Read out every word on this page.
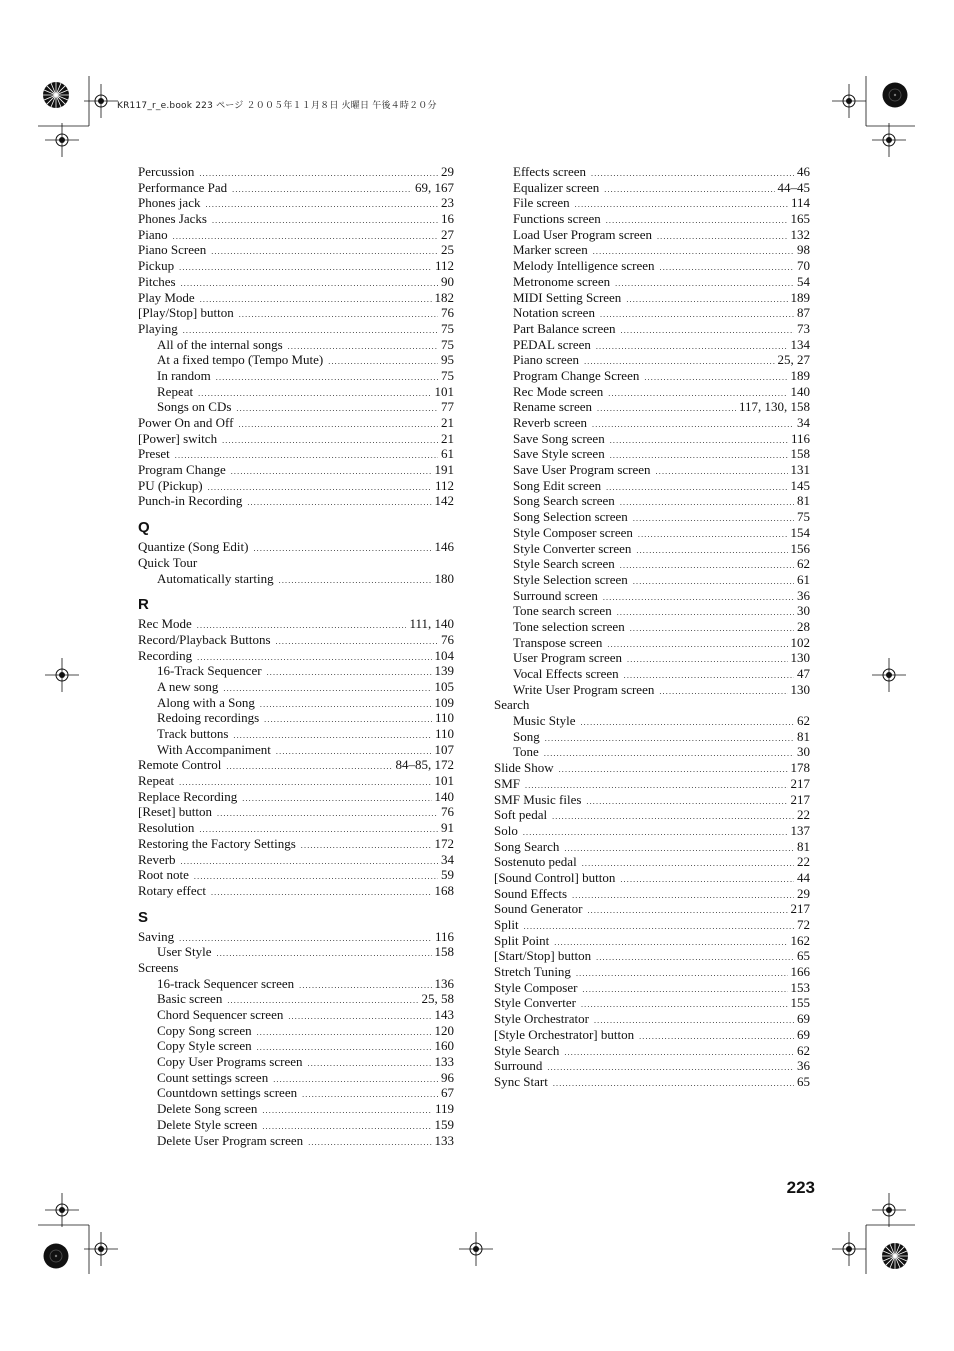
KR117_r_e.book 223 ページ ２００５年１１月８日 火曜日 午後４時２０分
Percussion .....	29
Performance Pad .....	69, 167
Phones jack .....	23
Phones Jacks .....	16
Piano .....	27
Piano Screen .....	25
Pickup .....	112
Pitches .....	90
Play Mode .....	182
[Play/Stop] button .....	76
Playing .....	75
All of the internal songs .....	75
At a fixed tempo (Tempo Mute) .....	95
In random .....	75
Repeat .....	101
Songs on CDs .....	77
Power On and Off .....	21
[Power] switch .....	21
Preset .....	61
Program Change .....	191
PU (Pickup) .....	112
Punch-in Recording .....	142
Q
Quantize (Song Edit) .....	146
Quick Tour
Automatically starting .....	180
R
Rec Mode .....	111, 140
Record/Playback Buttons .....	76
Recording .....	104
16-Track Sequencer .....	139
A new song .....	105
Along with a Song .....	109
Redoing recordings .....	110
Track buttons .....	110
With Accompaniment .....	107
Remote Control .....	84–85, 172
Repeat .....	101
Replace Recording .....	140
[Reset] button .....	76
Resolution .....	91
Restoring the Factory Settings .....	172
Reverb .....	34
Root note .....	59
Rotary effect .....	168
S
Saving .....	116
User Style .....	158
Screens
16-track Sequencer screen .....	136
Basic screen .....	25, 58
Chord Sequencer screen .....	143
Copy Song screen .....	120
Copy Style screen .....	160
Copy User Programs screen .....	133
Count settings screen .....	96
Countdown settings screen .....	67
Delete Song screen .....	119
Delete Style screen .....	159
Delete User Program screen .....	133
Effects screen .....	46
Equalizer screen .....	44–45
File screen .....	114
Functions screen .....	165
Load User Program screen .....	132
Marker screen .....	98
Melody Intelligence screen .....	70
Metronome screen .....	54
MIDI Setting Screen .....	189
Notation screen .....	87
Part Balance screen .....	73
PEDAL screen .....	134
Piano screen .....	25, 27
Program Change Screen .....	189
Rec Mode screen .....	140
Rename screen .....	117, 130, 158
Reverb screen .....	34
Save Song screen .....	116
Save Style screen .....	158
Save User Program screen .....	131
Song Edit screen .....	145
Song Search screen .....	81
Song Selection screen .....	75
Style Composer screen .....	154
Style Converter screen .....	156
Style Search screen .....	62
Style Selection screen .....	61
Surround screen .....	36
Tone search screen .....	30
Tone selection screen .....	28
Transpose screen .....	102
User Program screen .....	130
Vocal Effects screen .....	47
Write User Program screen .....	130
Search
Music Style .....	62
Song .....	81
Tone .....	30
Slide Show .....	178
SMF .....	217
SMF Music files .....	217
Soft pedal .....	22
Solo .....	137
Song Search .....	81
Sostenuto pedal .....	22
[Sound Control] button .....	44
Sound Effects .....	29
Sound Generator .....	217
Split .....	72
Split Point .....	162
[Start/Stop] button .....	65
Stretch Tuning .....	166
Style Composer .....	153
Style Converter .....	155
Style Orchestrator .....	69
[Style Orchestrator] button .....	69
Style Search .....	62
Surround .....	36
Sync Start .....	65
223
